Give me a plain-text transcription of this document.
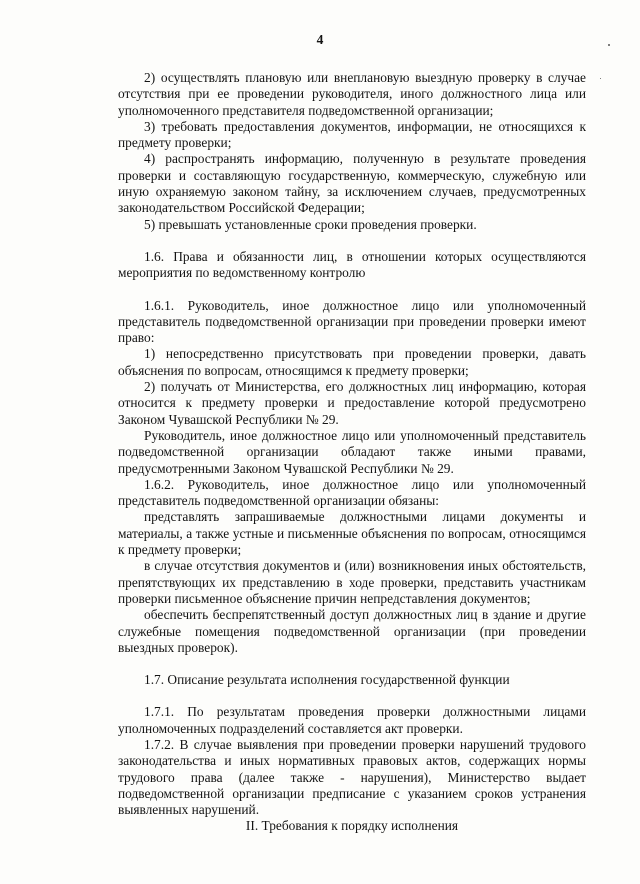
4

2) осуществлять плановую или внеплановую выездную проверку в случае отсутствия при ее проведении руководителя, иного должностного лица или уполномоченного представителя подведомственной организации;

3) требовать предоставления документов, информации, не относящихся к предмету проверки;

4) распространять информацию, полученную в результате проведения проверки и составляющую государственную, коммерческую, служебную или иную охраняемую законом тайну, за исключением случаев, предусмотренных законодательством Российской Федерации;

5) превышать установленные сроки проведения проверки.

1.6. Права и обязанности лиц, в отношении которых осуществляются мероприятия по ведомственному контролю

1.6.1. Руководитель, иное должностное лицо или уполномоченный представитель подведомственной организации при проведении проверки имеют право:

1) непосредственно присутствовать при проведении проверки, давать объяснения по вопросам, относящимся к предмету проверки;

2) получать от Министерства, его должностных лиц информацию, которая относится к предмету проверки и предоставление которой предусмотрено Законом Чувашской Республики № 29.

Руководитель, иное должностное лицо или уполномоченный представитель подведомственной организации обладают также иными правами, предусмотренными Законом Чувашской Республики № 29.

1.6.2. Руководитель, иное должностное лицо или уполномоченный представитель подведомственной организации обязаны:

представлять запрашиваемые должностными лицами документы и материалы, а также устные и письменные объяснения по вопросам, относящимся к предмету проверки;

в случае отсутствия документов и (или) возникновения иных обстоятельств, препятствующих их представлению в ходе проверки, представить участникам проверки письменное объяснение причин непредставления документов;

обеспечить беспрепятственный доступ должностных лиц в здание и другие служебные помещения подведомственной организации (при проведении выездных проверок).

1.7. Описание результата исполнения государственной функции

1.7.1. По результатам проведения проверки должностными лицами уполномоченных подразделений составляется акт проверки.

1.7.2. В случае выявления при проведении проверки нарушений трудового законодательства и иных нормативных правовых актов, содержащих нормы трудового права (далее также - нарушения), Министерство выдает подведомственной организации предписание с указанием сроков устранения выявленных нарушений.

II. Требования к порядку исполнения
